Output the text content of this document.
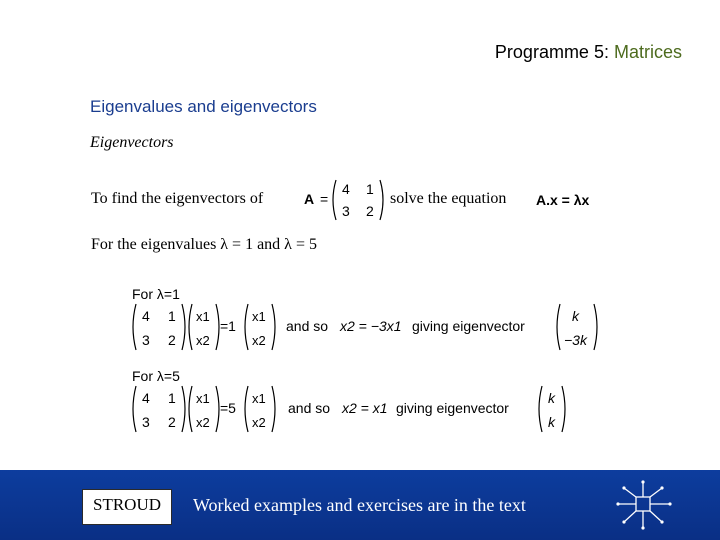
Programme 5: Matrices
Eigenvalues and eigenvectors
Eigenvectors
To find the eigenvectors of	A =
4 1
3 2
solve the equation A.x = λx
For the eigenvalues λ = 1 and λ = 5
For λ=1
4 1
3 2
x1
x2
=1
x1
x2
and so x2 = −3x1 giving eigenvector
k
−3k
For λ=5
4 1
3 2
x1
x2
=5
x1
x2
and so x2 = x1 giving eigenvector
k
k
STROUD	Worked examples and exercises are in the text
